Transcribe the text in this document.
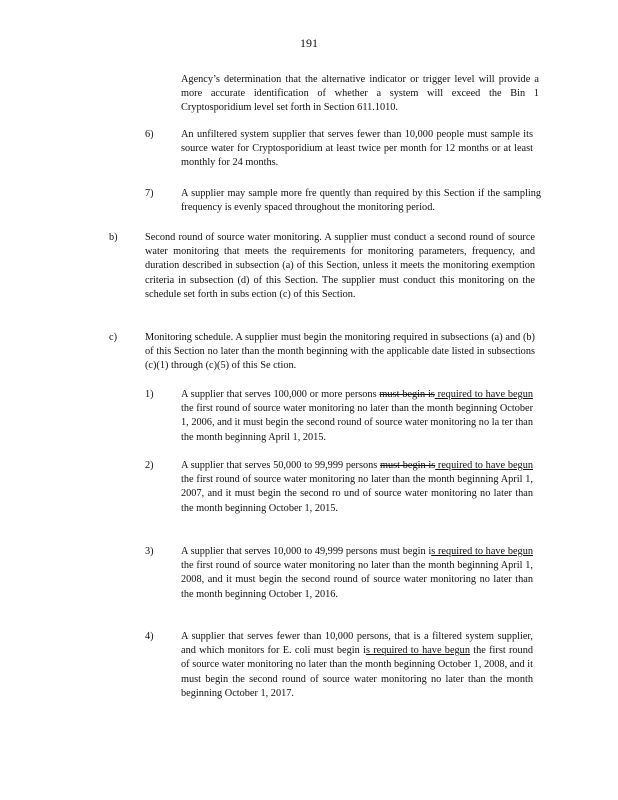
191
Agency’s determination that the alternative indicator or trigger level will provide a more accurate identification of whether a system will exceed the Bin 1 Cryptosporidium level set forth in Section 611.1010.
6)	An unfiltered system supplier that serves fewer than 10,000 people must sample its source water for Cryptosporidium at least twice per month for 12 months or at least monthly for 24 months.
7)	A supplier may sample more fre quently than required by this Section if the sampling frequency is evenly spaced throughout the monitoring period.
b)	Second round of source water monitoring. A supplier must conduct a second round of source water monitoring that meets the requirements for monitoring parameters, frequency, and duration described in subsection (a) of this Section, unless it meets the monitoring exemption criteria in subsection (d) of this Section. The supplier must conduct this monitoring on the schedule set forth in subs ection (c) of this Section.
c)	Monitoring schedule. A supplier must begin the monitoring required in subsections (a) and (b) of this Section no later than the month beginning with the applicable date listed in subsections (c)(1) through (c)(5) of this Se ction.
1)	A supplier that serves 100,000 or more persons must begin is required to have begun the first round of source water monitoring no later than the month beginning October 1, 2006, and it must begin the second round of source water monitoring no la ter than the month beginning April 1, 2015.
2)	A supplier that serves 50,000 to 99,999 persons must begin is required to have begun the first round of source water monitoring no later than the month beginning April 1, 2007, and it must begin the second ro und of source water monitoring no later than the month beginning October 1, 2015.
3)	A supplier that serves 10,000 to 49,999 persons must begin is required to have begun the first round of source water monitoring no later than the month beginning April 1, 2008, and it must begin the second round of source water monitoring no later than the month beginning October 1, 2016.
4)	A supplier that serves fewer than 10,000 persons, that is a filtered system supplier, and which monitors for E. coli must begin is required to have begun the first round of source water monitoring no later than the month beginning October 1, 2008, and it must begin the second round of source water monitoring no later than the month beginning October 1, 2017.
